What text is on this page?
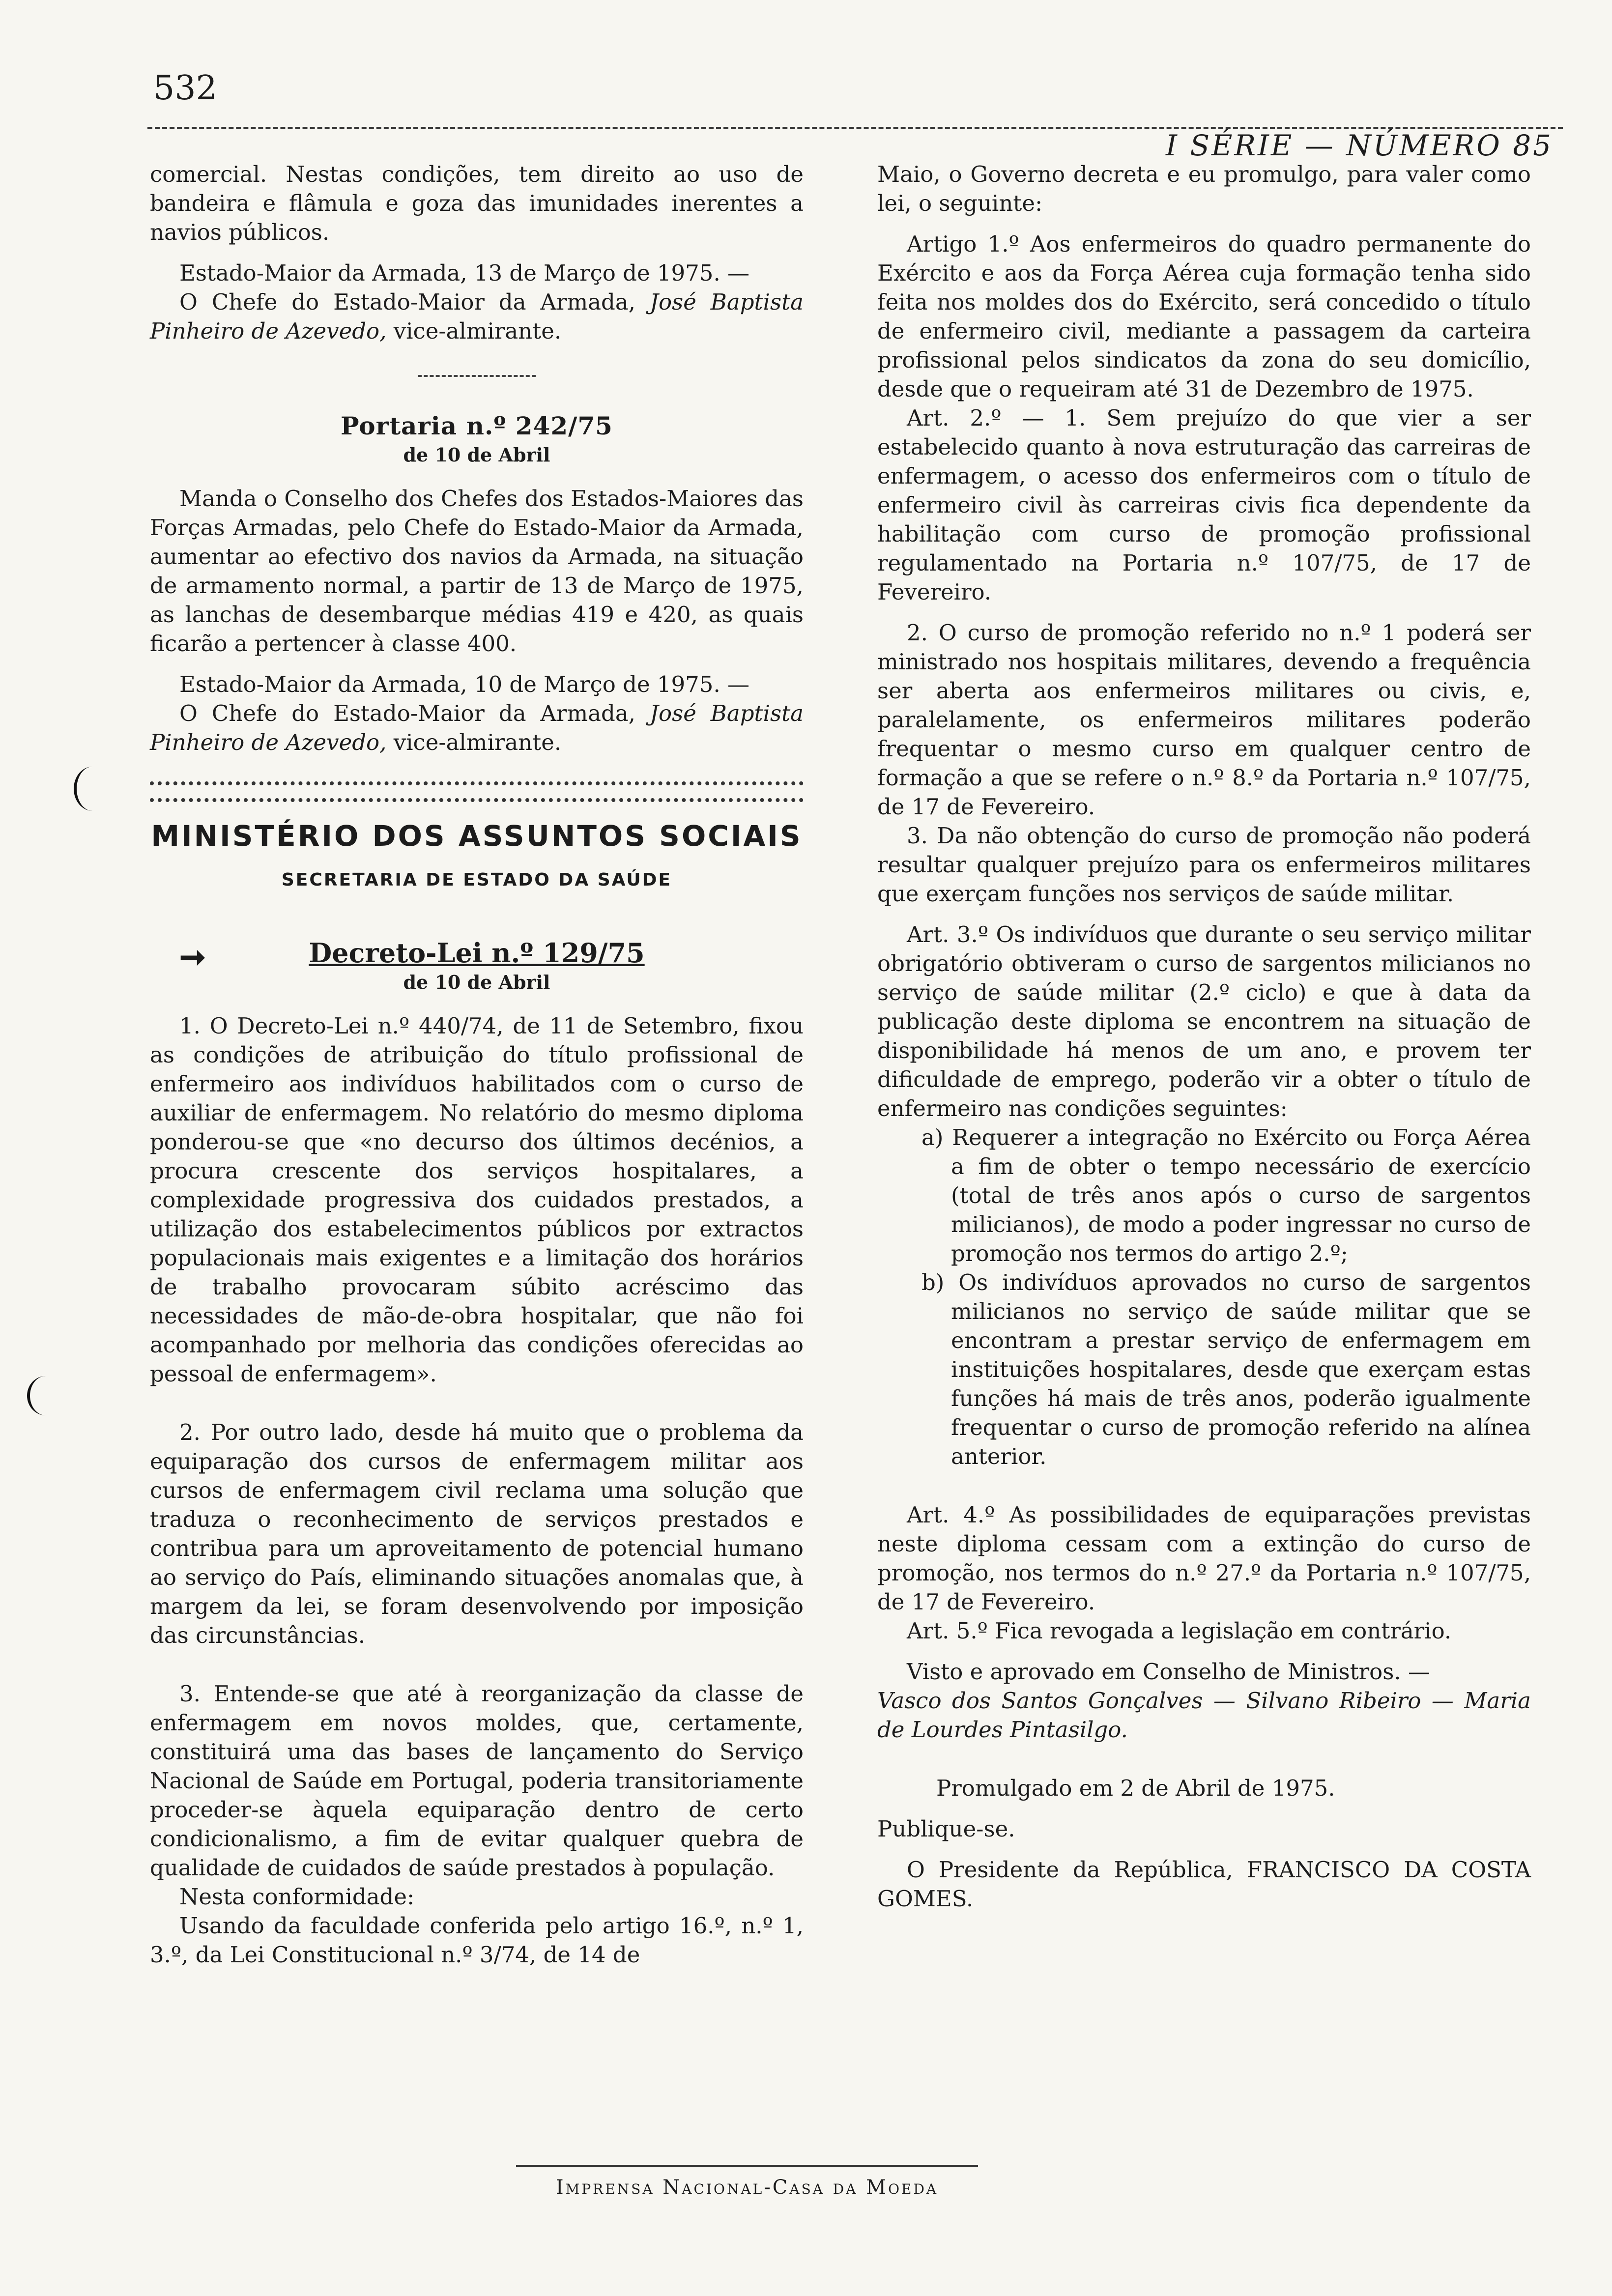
532
I SÉRIE — NÚMERO 85

comercial. Nestas condições, tem direito ao uso de bandeira e flâmula e goza das imunidades inerentes a navios públicos.

Estado-Maior da Armada, 13 de Março de 1975. —

O Chefe do Estado-Maior da Armada, José Baptista Pinheiro de Azevedo, vice-almirante.

Portaria n.º 242/75

de 10 de Abril

Manda o Conselho dos Chefes dos Estados-Maiores das Forças Armadas, pelo Chefe do Estado-Maior da Armada, aumentar ao efectivo dos navios da Armada, na situação de armamento normal, a partir de 13 de Março de 1975, as lanchas de desembarque médias 419 e 420, as quais ficarão a pertencer à classe 400.

Estado-Maior da Armada, 10 de Março de 1975. —

O Chefe do Estado-Maior da Armada, José Baptista Pinheiro de Azevedo, vice-almirante.

MINISTÉRIO DOS ASSUNTOS SOCIAIS

SECRETARIA DE ESTADO DA SAÚDE

➞	Decreto-Lei n.º 129/75

de 10 de Abril

1. O Decreto-Lei n.º 440/74, de 11 de Setembro, fixou as condições de atribuição do título profissional de enfermeiro aos indivíduos habilitados com o curso de auxiliar de enfermagem. No relatório do mesmo diploma ponderou-se que «no decurso dos últimos decénios, a procura crescente dos serviços hospitalares, a complexidade progressiva dos cuidados prestados, a utilização dos estabelecimentos públicos por extractos populacionais mais exigentes e a limitação dos horários de trabalho provocaram súbito acréscimo das necessidades de mão-de-obra hospitalar, que não foi acompanhado por melhoria das condições oferecidas ao pessoal de enfermagem».

2. Por outro lado, desde há muito que o problema da equiparação dos cursos de enfermagem militar aos cursos de enfermagem civil reclama uma solução que traduza o reconhecimento de serviços prestados e contribua para um aproveitamento de potencial humano ao serviço do País, eliminando situações anomalas que, à margem da lei, se foram desenvolvendo por imposição das circunstâncias.

3. Entende-se que até à reorganização da classe de enfermagem em novos moldes, que, certamente, constituirá uma das bases de lançamento do Serviço Nacional de Saúde em Portugal, poderia transitoriamente proceder-se àquela equiparação dentro de certo condicionalismo, a fim de evitar qualquer quebra de qualidade de cuidados de saúde prestados à população.

Nesta conformidade:

Usando da faculdade conferida pelo artigo 16.º, n.º 1, 3.º, da Lei Constitucional n.º 3/74, de 14 de

Maio, o Governo decreta e eu promulgo, para valer como lei, o seguinte:

Artigo 1.º Aos enfermeiros do quadro permanente do Exército e aos da Força Aérea cuja formação tenha sido feita nos moldes dos do Exército, será concedido o título de enfermeiro civil, mediante a passagem da carteira profissional pelos sindicatos da zona do seu domicílio, desde que o requeiram até 31 de Dezembro de 1975.

Art. 2.º — 1. Sem prejuízo do que vier a ser estabelecido quanto à nova estruturação das carreiras de enfermagem, o acesso dos enfermeiros com o título de enfermeiro civil às carreiras civis fica dependente da habilitação com curso de promoção profissional regulamentado na Portaria n.º 107/75, de 17 de Fevereiro.

2. O curso de promoção referido no n.º 1 poderá ser ministrado nos hospitais militares, devendo a frequência ser aberta aos enfermeiros militares ou civis, e, paralelamente, os enfermeiros militares poderão frequentar o mesmo curso em qualquer centro de formação a que se refere o n.º 8.º da Portaria n.º 107/75, de 17 de Fevereiro.

3. Da não obtenção do curso de promoção não poderá resultar qualquer prejuízo para os enfermeiros militares que exerçam funções nos serviços de saúde militar.

Art. 3.º Os indivíduos que durante o seu serviço militar obrigatório obtiveram o curso de sargentos milicianos no serviço de saúde militar (2.º ciclo) e que à data da publicação deste diploma se encontrem na situação de disponibilidade há menos de um ano, e provem ter dificuldade de emprego, poderão vir a obter o título de enfermeiro nas condições seguintes:

a) Requerer a integração no Exército ou Força Aérea a fim de obter o tempo necessário de exercício (total de três anos após o curso de sargentos milicianos), de modo a poder ingressar no curso de promoção nos termos do artigo 2.º;

b) Os indivíduos aprovados no curso de sargentos milicianos no serviço de saúde militar que se encontram a prestar serviço de enfermagem em instituições hospitalares, desde que exerçam estas funções há mais de três anos, poderão igualmente frequentar o curso de promoção referido na alínea anterior.

Art. 4.º As possibilidades de equiparações previstas neste diploma cessam com a extinção do curso de promoção, nos termos do n.º 27.º da Portaria n.º 107/75, de 17 de Fevereiro.

Art. 5.º Fica revogada a legislação em contrário.

Visto e aprovado em Conselho de Ministros. —

Vasco dos Santos Gonçalves — Silvano Ribeiro — Maria de Lourdes Pintasilgo.

Promulgado em 2 de Abril de 1975.

Publique-se.

O Presidente da República, FRANCISCO DA COSTA GOMES.

Imprensa Nacional-Casa da Moeda
